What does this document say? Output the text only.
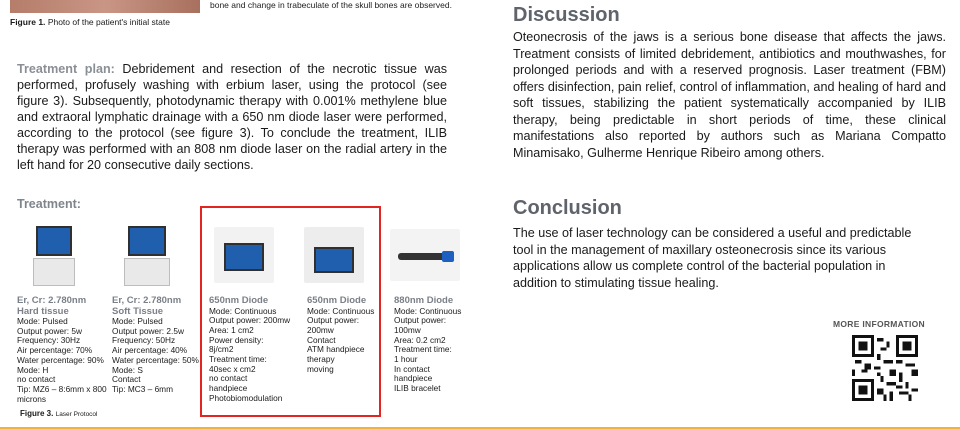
Figure 1. Photo of the patient's initial state
bone and change in trabeculate of the skull bones are observed.
Treatment plan: Debridement and resection of the necrotic tissue was performed, profusely washing with erbium laser, using the protocol (see figure 3). Subsequently, photodynamic therapy with 0.001% methylene blue and extraoral lymphatic drainage with a 650 nm diode laser were performed, according to the protocol (see figure 3). To conclude the treatment, ILIB therapy was performed with an 808 nm diode laser on the radial artery in the left hand for 20 consecutive daily sections.
Treatment:
Er, Cr: 2.780nm Hard tissue
Mode: Pulsed
Output power: 5w
Frequency: 30Hz
Air percentage: 70%
Water percentage: 90%
Mode: H
no contact
Tip: MZ6 – 8:6mm x 800 microns
Er, Cr: 2.780nm Soft Tissue
Mode: Pulsed
Output power: 2.5w
Frequency: 50Hz
Air percentage: 40%
Water percentage: 50%
Mode: S
Contact
Tip: MC3 – 6mm
650nm Diode
Mode: Continuous
Output power: 200mw
Area: 1 cm2
Power density:
8j/cm2
Treatment time:
40sec x cm2
no contact
handpiece
Photobiomodulation
650nm Diode
Mode: Continuous
Output power:
200mw
Contact
ATM handpiece
therapy
moving
880nm Diode
Mode: Continuous
Output power:
100mw
Area: 0.2 cm2
Treatment time:
1 hour
In contact
handpiece
ILIB bracelet
Figure 3. Laser Protocol
Discussion
Oteonecrosis of the jaws is a serious bone disease that affects the jaws. Treatment consists of limited debridement, antibiotics and mouthwashes, for prolonged periods and with a reserved prognosis. Laser treatment (FBM) offers disinfection, pain relief, control of inflammation, and healing of hard and soft tissues, stabilizing the patient systematically accompanied by ILIB therapy, being predictable in short periods of time, these clinical manifestations also reported by authors such as Mariana Compatto Minamisako, Gulherme Henrique Ribeiro among others.
Conclusion
The use of laser technology can be considered a useful and predictable tool in the management of maxillary osteonecrosis since its various applications allow us complete control of the bacterial population in addition to stimulating tissue healing.
MORE INFORMATION
